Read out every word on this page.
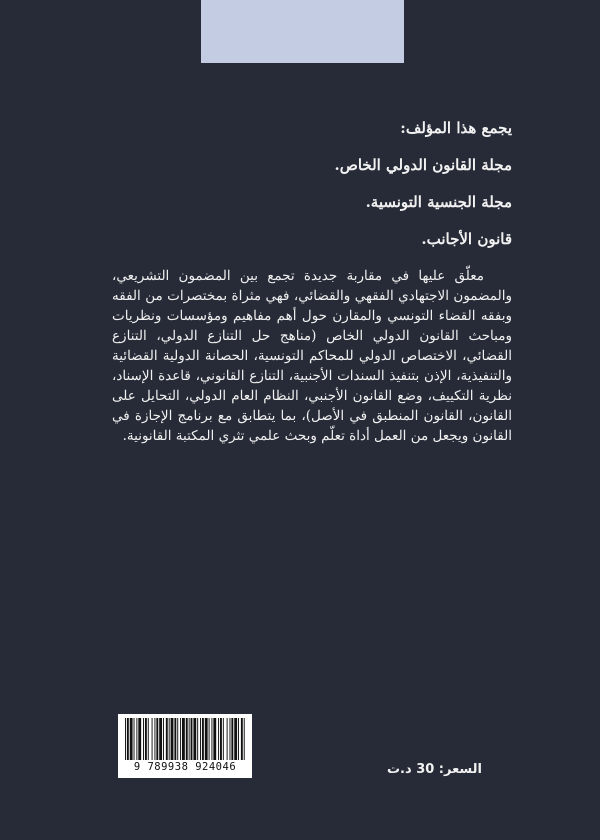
يجمع هذا المؤلف:

مجلة القانون الدولي الخاص.

مجلة الجنسية التونسية.

قانون الأجانب.

معلّق عليها في مقاربة جديدة تجمع بين المضمون التشريعي، والمضمون الاجتهادي الفقهي والقضائي، فهي مثراة بمختصرات من الفقه وبفقه القضاء التونسي والمقارن حول أهم مفاهيم ومؤسسات ونظريات ومباحث القانون الدولي الخاص (مناهج حل التنازع الدولي، التنازع القضائي، الاختصاص الدولي للمحاكم التونسية، الحصانة الدولية القضائية والتنفيذية، الإذن بتنفيذ السندات الأجنبية، التنازع القانوني، قاعدة الإسناد، نظرية التكييف، وضع القانون الأجنبي، النظام العام الدولي، التحايل على القانون، القانون المنطبق في الأصل)، بما يتطابق مع برنامج الإجازة في القانون ويجعل من العمل أداة تعلّم وبحث علمي تثري المكتبة القانونية.

9 789938 924046	السعر: 30 د.ت
